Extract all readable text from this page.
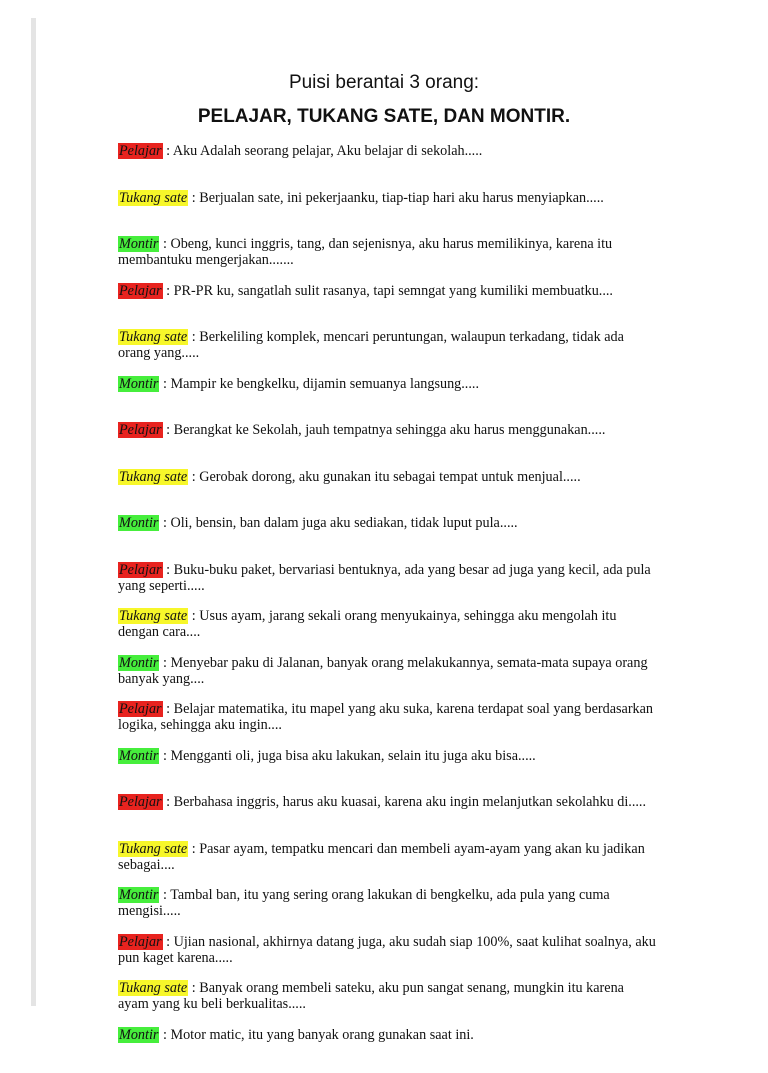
Puisi berantai 3 orang:
PELAJAR, TUKANG SATE, DAN MONTIR.
Pelajar : Aku Adalah seorang pelajar, Aku belajar di sekolah.....
Tukang sate : Berjualan sate, ini pekerjaanku, tiap-tiap hari aku harus menyiapkan.....
Montir : Obeng, kunci inggris, tang, dan sejenisnya, aku harus memilikinya, karena itu membantuku mengerjakan.......
Pelajar : PR-PR ku, sangatlah sulit rasanya, tapi semngat yang kumiliki membuatku....
Tukang sate : Berkeliling komplek, mencari peruntungan, walaupun terkadang, tidak ada orang yang.....
Montir : Mampir ke bengkelku, dijamin semuanya langsung.....
Pelajar : Berangkat ke Sekolah, jauh tempatnya sehingga aku harus menggunakan.....
Tukang sate : Gerobak dorong, aku gunakan itu sebagai tempat untuk menjual.....
Montir : Oli, bensin, ban dalam juga aku sediakan, tidak luput pula.....
Pelajar : Buku-buku paket, bervariasi bentuknya, ada yang besar ad juga yang kecil, ada pula yang seperti.....
Tukang sate : Usus ayam, jarang sekali orang menyukainya, sehingga aku mengolah itu dengan cara....
Montir : Menyebar paku di Jalanan, banyak orang melakukannya, semata-mata supaya orang banyak yang....
Pelajar : Belajar matematika, itu mapel yang aku suka, karena terdapat soal yang berdasarkan logika, sehingga aku ingin....
Montir : Mengganti oli, juga bisa aku lakukan, selain itu juga aku bisa.....
Pelajar : Berbahasa inggris, harus aku kuasai, karena aku ingin melanjutkan sekolahku di.....
Tukang sate : Pasar ayam, tempatku mencari dan membeli ayam-ayam yang akan ku jadikan sebagai....
Montir : Tambal ban, itu yang sering orang lakukan di bengkelku, ada pula yang cuma mengisi.....
Pelajar : Ujian nasional, akhirnya datang juga, aku sudah siap 100%, saat kulihat soalnya, aku pun kaget karena.....
Tukang sate : Banyak orang membeli sateku, aku pun sangat senang, mungkin itu karena ayam yang ku beli berkualitas.....
Montir : Motor matic, itu yang banyak orang gunakan saat ini.
